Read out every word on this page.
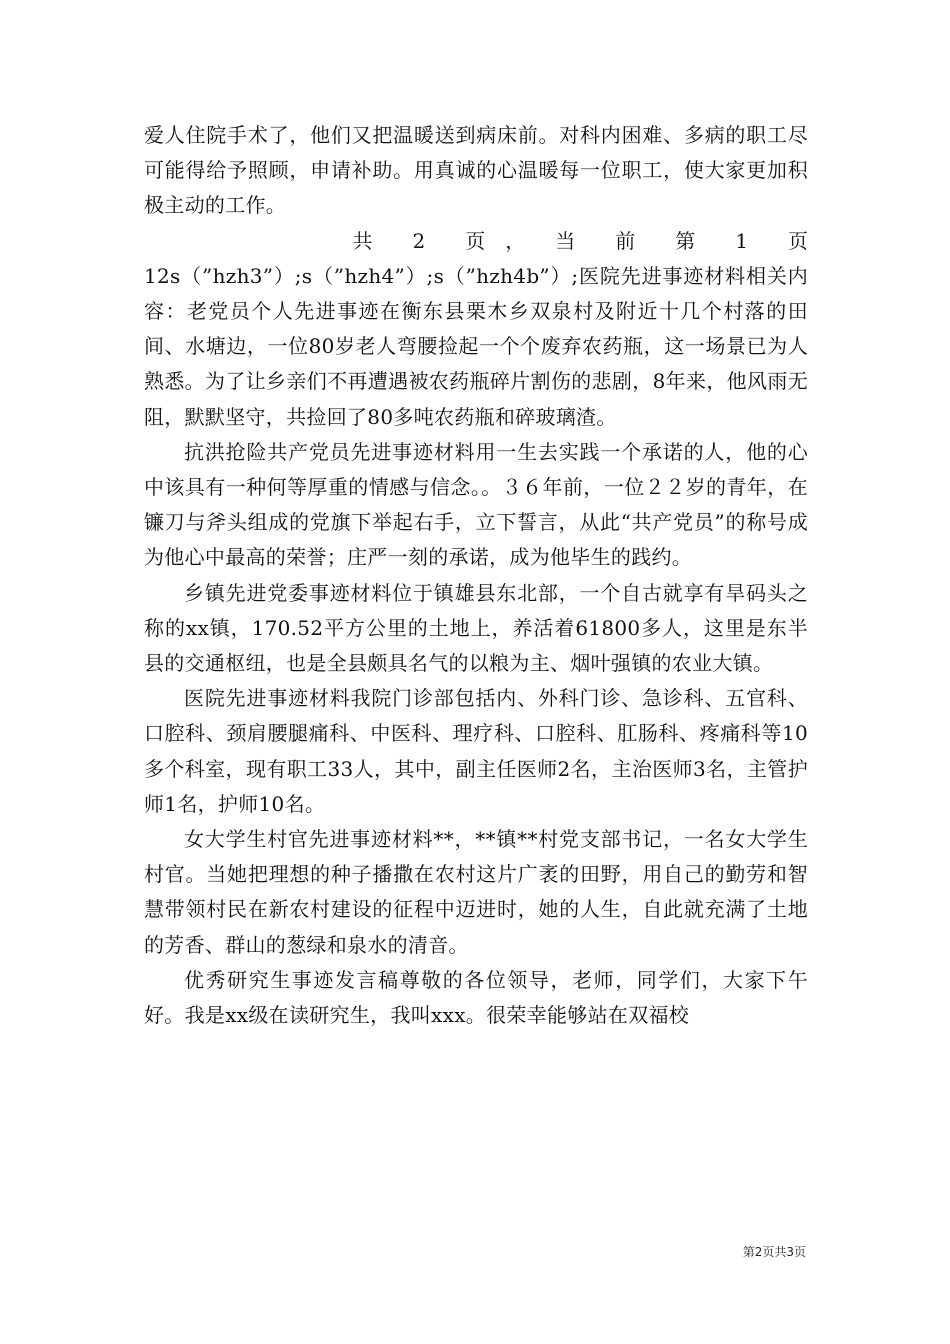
爱人住院手术了，他们又把温暖送到病床前。对科内困难、多病的职工尽可能得给予照顾，申请补助。用真诚的心温暖每一位职工，使大家更加积极主动的工作。

共　　2　　页　，　　当　　前　　第　　1　　页

12s（”hzh3”）;s（”hzh4”）;s（”hzh4b”）;医院先进事迹材料相关内容：老党员个人先进事迹在衡东县栗木乡双泉村及附近十几个村落的田间、水塘边，一位80岁老人弯腰捡起一个个废弃农药瓶，这一场景已为人熟悉。为了让乡亲们不再遭遇被农药瓶碎片割伤的悲剧，8年来，他风雨无阻，默默坚守，共捡回了80多吨农药瓶和碎玻璃渣。

抗洪抢险共产党员先进事迹材料用一生去实践一个承诺的人，他的心中该具有一种何等厚重的情感与信念。。３６年前，一位２２岁的青年，在镰刀与斧头组成的党旗下举起右手，立下誓言，从此“共产党员”的称号成为他心中最高的荣誉；庄严一刻的承诺，成为他毕生的践约。

乡镇先进党委事迹材料位于镇雄县东北部，一个自古就享有旱码头之称的xx镇，170.52平方公里的土地上，养活着61800多人，这里是东半县的交通枢纽，也是全县颇具名气的以粮为主、烟叶强镇的农业大镇。

医院先进事迹材料我院门诊部包括内、外科门诊、急诊科、五官科、口腔科、颈肩腰腿痛科、中医科、理疗科、口腔科、肛肠科、疼痛科等10多个科室，现有职工33人，其中，副主任医师2名，主治医师3名，主管护师1名，护师10名。

女大学生村官先进事迹材料**，**镇**村党支部书记，一名女大学生村官。当她把理想的种子播撒在农村这片广袤的田野，用自己的勤劳和智慧带领村民在新农村建设的征程中迈进时，她的人生，自此就充满了土地的芳香、群山的葱绿和泉水的清音。

优秀研究生事迹发言稿尊敬的各位领导，老师，同学们，大家下午好。我是xx级在读研究生，我叫xxx。很荣幸能够站在双福校

第2页共3页
